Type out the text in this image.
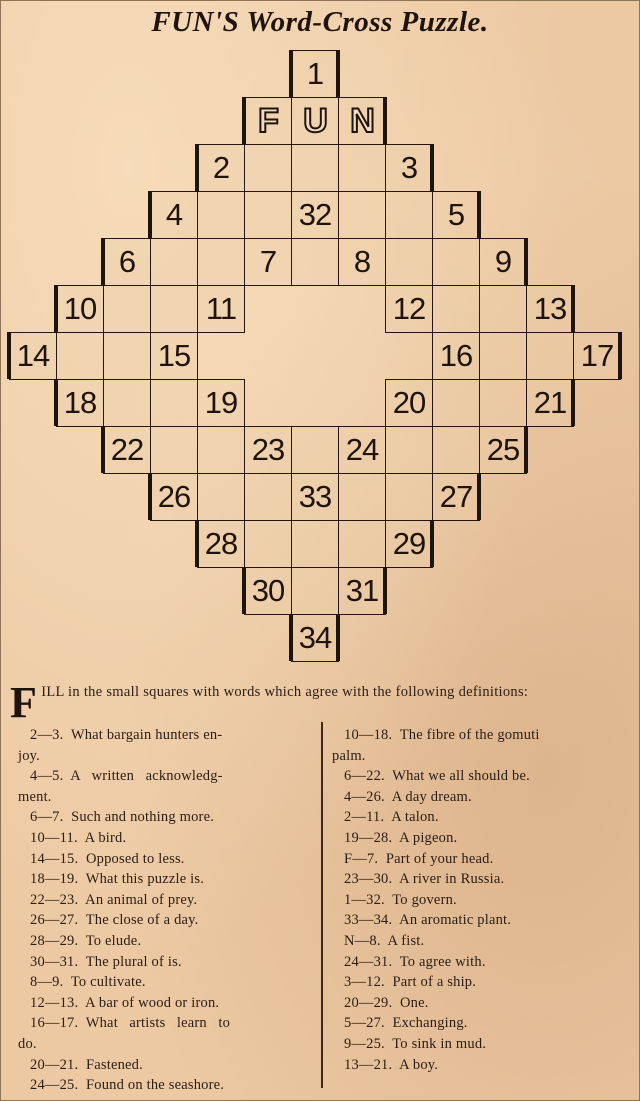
FUN'S Word-Cross Puzzle.
1
F U N
2	3
4	32	5
6	7	8	9
10	11	12	13
14	15	16	17
18	19	20	21
22	23 24	25
26	33	27
28	29
30 31
34
FILL in the small squares with words which agree with the following definitions:
2—3.  What bargain hunters en-
joy.
4—5.  A   written   acknowledg-
ment.
6—7.  Such and nothing more.
10—11.  A bird.
14—15.  Opposed to less.
18—19.  What this puzzle is.
22—23.  An animal of prey.
26—27.  The close of a day.
28—29.  To elude.
30—31.  The plural of is.
8—9.  To cultivate.
12—13.  A bar of wood or iron.
16—17.  What   artists   learn   to
do.
20—21.  Fastened.
24—25.  Found on the seashore.
10—18.  The fibre of the gomuti
palm.
6—22.  What we all should be.
4—26.  A day dream.
2—11.  A talon.
19—28.  A pigeon.
F—7.  Part of your head.
23—30.  A river in Russia.
1—32.  To govern.
33—34.  An aromatic plant.
N—8.  A fist.
24—31.  To agree with.
3—12.  Part of a ship.
20—29.  One.
5—27.  Exchanging.
9—25.  To sink in mud.
13—21.  A boy.
